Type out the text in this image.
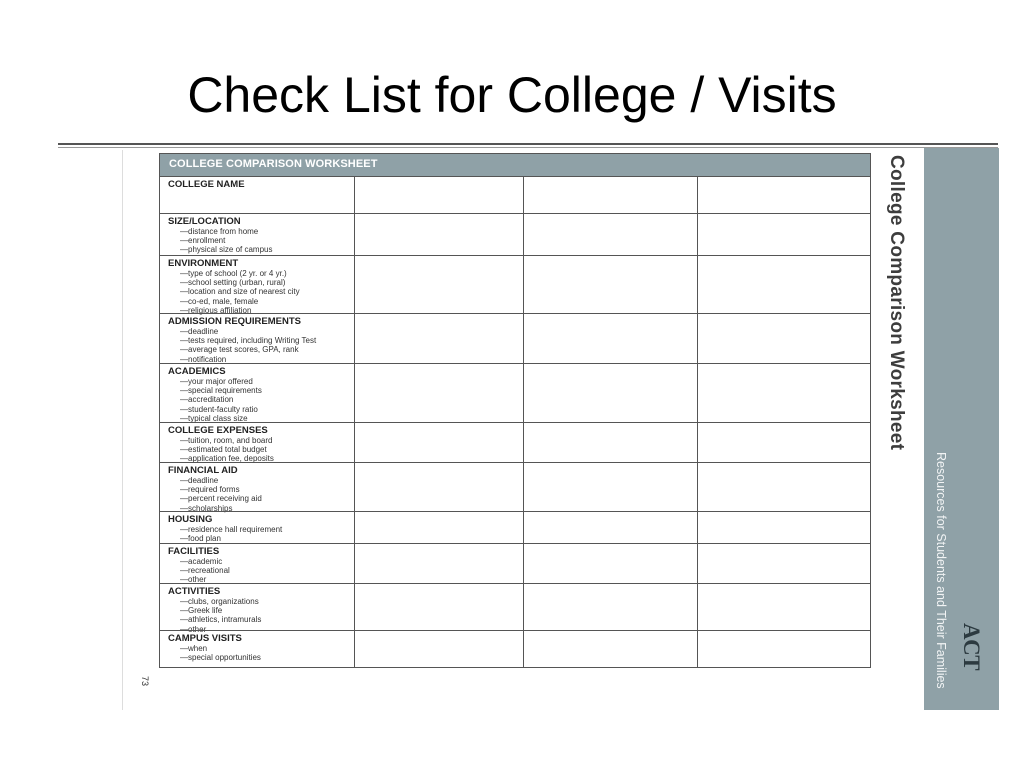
Check List for College / Visits
College Comparison Worksheet
Resources for Students and Their Families ACT
73
COLLEGE COMPARISON WORKSHEET
COLLEGE NAME
SIZE/LOCATION
—distance from home
—enrollment
—physical size of campus
ENVIRONMENT
—type of school (2 yr. or 4 yr.)
—school setting (urban, rural)
—location and size of nearest city
—co-ed, male, female
—religious affiliation
ADMISSION REQUIREMENTS
—deadline
—tests required, including Writing Test
—average test scores, GPA, rank
—notification
ACADEMICS
—your major offered
—special requirements
—accreditation
—student-faculty ratio
—typical class size
COLLEGE EXPENSES
—tuition, room, and board
—estimated total budget
—application fee, deposits
FINANCIAL AID
—deadline
—required forms
—percent receiving aid
—scholarships
HOUSING
—residence hall requirement
—food plan
FACILITIES
—academic
—recreational
—other
ACTIVITIES
—clubs, organizations
—Greek life
—athletics, intramurals
—other
CAMPUS VISITS
—when
—special opportunities
